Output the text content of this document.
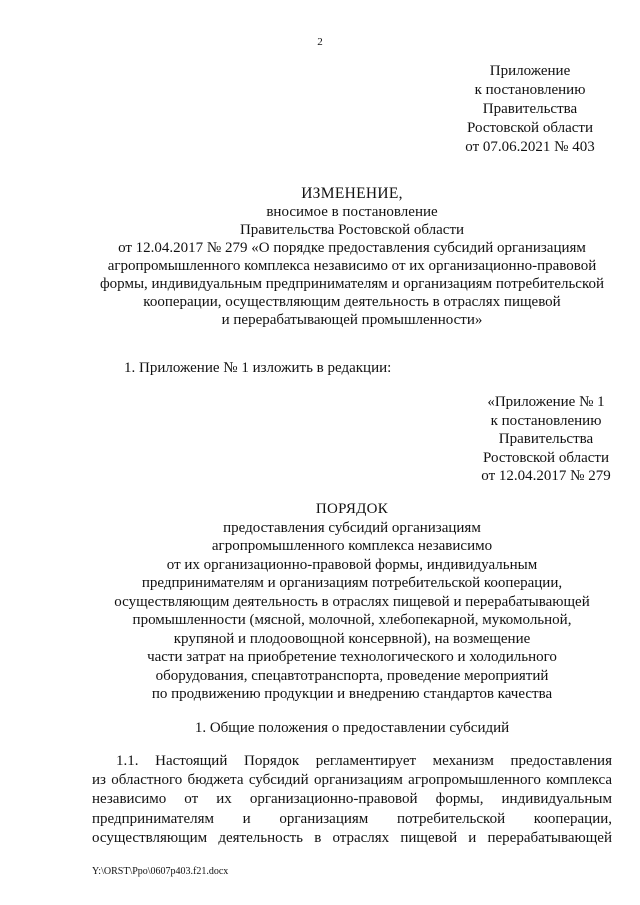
2
Приложение
к постановлению
Правительства
Ростовской области
от 07.06.2021 № 403
ИЗМЕНЕНИЕ,
вносимое в постановление
Правительства Ростовской области
от 12.04.2017 № 279 «О порядке предоставления субсидий организациям
агропромышленного комплекса независимо от их организационно-правовой
формы, индивидуальным предпринимателям и организациям потребительской
кооперации, осуществляющим деятельность в отраслях пищевой
и перерабатывающей промышленности»
1. Приложение № 1 изложить в редакции:
«Приложение № 1
к постановлению
Правительства
Ростовской области
от 12.04.2017 № 279
ПОРЯДОК
предоставления субсидий организациям
агропромышленного комплекса независимо
от их организационно-правовой формы, индивидуальным
предпринимателям и организациям потребительской кооперации,
осуществляющим деятельность в отраслях пищевой и перерабатывающей
промышленности (мясной, молочной, хлебопекарной, мукомольной,
крупяной и плодоовощной консервной), на возмещение
части затрат на приобретение технологического и холодильного
оборудования, спецавтотранспорта, проведение мероприятий
по продвижению продукции и внедрению стандартов качества
1. Общие положения о предоставлении субсидий
1.1. Настоящий Порядок регламентирует механизм предоставления
из областного бюджета субсидий организациям агропромышленного комплекса
независимо от их организационно-правовой формы, индивидуальным
предпринимателям и организациям потребительской кооперации,
осуществляющим деятельность в отраслях пищевой и перерабатывающей
Y:\ORST\Ppo\0607p403.f21.docx
